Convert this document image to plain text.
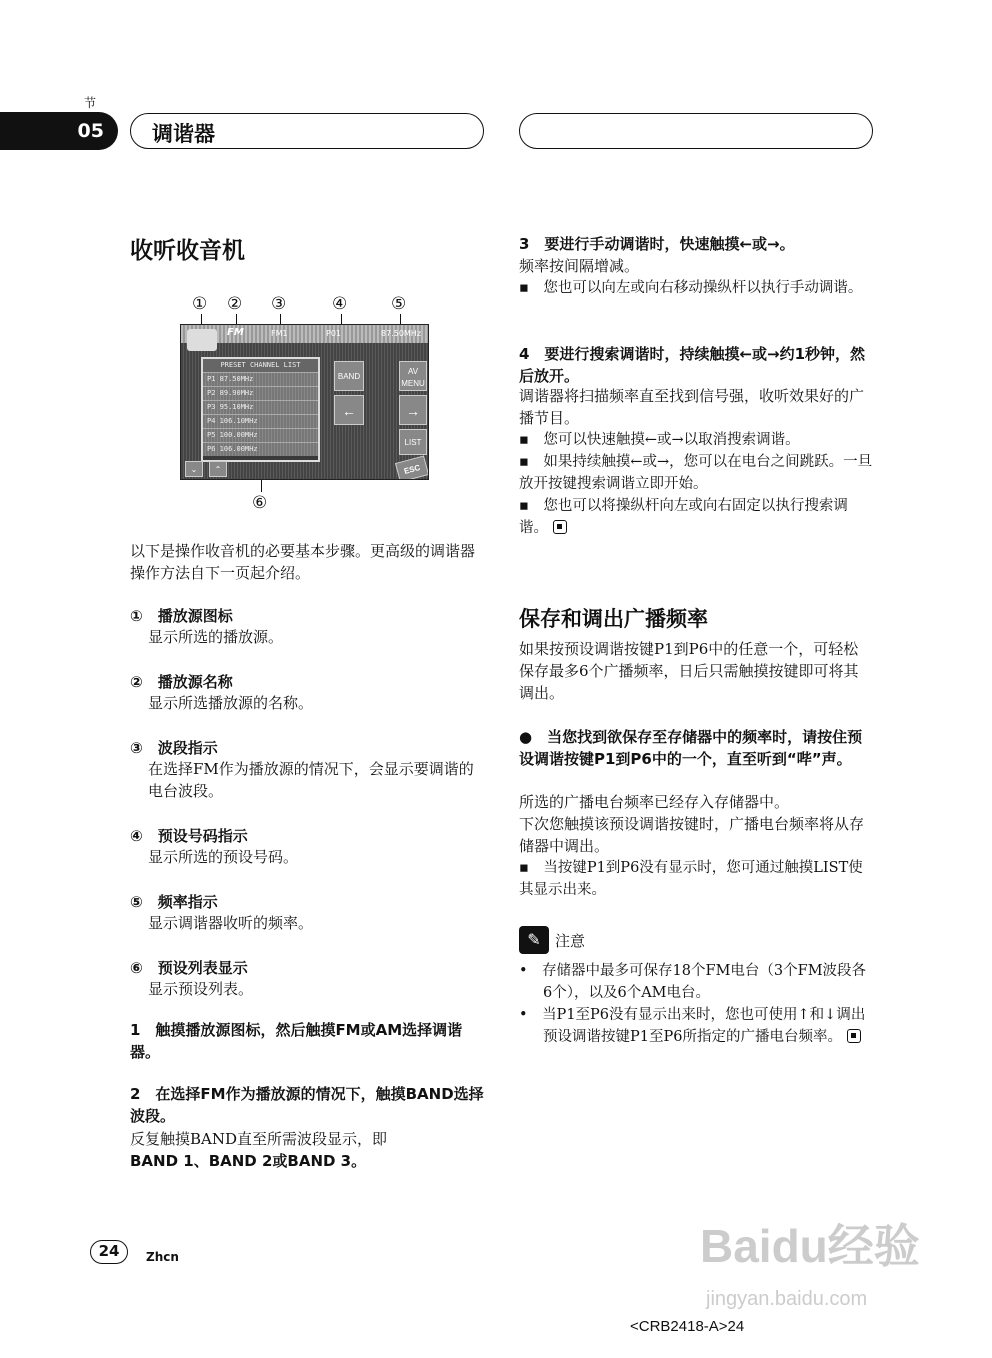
节
05	调谐器
收听收音机
① ② ③	④	⑤
⑥
FM	FM1	P01	87.50MHz
PRESET CHANNEL LIST
P1 87.50MHz
P2 89.90MHz
P3 95.10MHz
P4 106.10MHz
P5 100.00MHz
P6 106.00MHz
BAND
←
AV MENU
→
LIST
ESC
⌄	⌃
以下是操作收音机的必要基本步骤。更高级的调谐器操作方法自下一页起介绍。
①　 播放源图标
显示所选的播放源。
②　 播放源名称
显示所选播放源的名称。
③　 波段指示
在选择FM作为播放源的情况下，会显示要调谐的电台波段。
④　 预设号码指示
显示所选的预设号码。
⑤　 频率指示
显示调谐器收听的频率。
⑥　 预设列表显示
显示预设列表。
1　触摸播放源图标，然后触摸FM或AM选择调谐器。
2　在选择FM作为播放源的情况下，触摸BAND选择波段。
反复触摸BAND直至所需波段显示，即
BAND 1、BAND 2或BAND 3。
3　要进行手动调谐时，快速触摸←或→。
频率按间隔增减。
▪　您也可以向左或向右移动操纵杆以执行手动调谐。
4　要进行搜索调谐时，持续触摸←或→约1秒钟，然后放开。
调谐器将扫描频率直至找到信号强，收听效果好的广播节目。
▪　您可以快速触摸←或→以取消搜索调谐。
▪　如果持续触摸←或→，您可以在电台之间跳跃。一旦放开按键搜索调谐立即开始。
▪　您也可以将操纵杆向左或向右固定以执行搜索调谐。
保存和调出广播频率
如果按预设调谐按键P1到P6中的任意一个，可轻松保存最多6个广播频率，日后只需触摸按键即可将其调出。
●　当您找到欲保存至存储器中的频率时，请按住预设调谐按键P1到P6中的一个，直至听到“哔”声。
所选的广播电台频率已经存入存储器中。
下次您触摸该预设调谐按键时，广播电台频率将从存储器中调出。
▪　当按键P1到P6没有显示时，您可通过触摸LIST使其显示出来。
✎ 注意
•　存储器中最多可保存18个FM电台（3个FM波段各6个），以及6个AM电台。
•　当P1至P6没有显示出来时，您也可使用↑和↓调出预设调谐按键P1至P6所指定的广播电台频率。
24	Zhcn	Baidu经验
jingyan.baidu.com
<CRB2418-A>24
